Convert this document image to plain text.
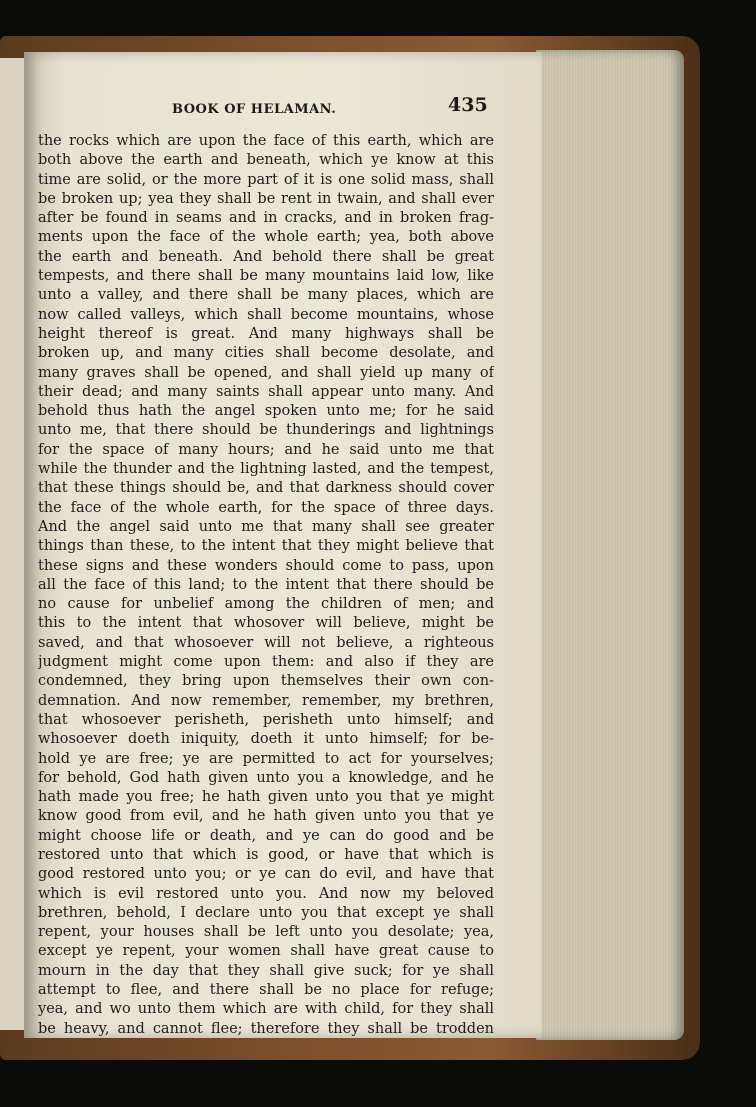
BOOK OF HELAMAN.	435
the rocks which are upon the face of this earth, which are
both above the earth and beneath, which ye know at this
time are solid, or the more part of it is one solid mass, shall
be broken up; yea they shall be rent in twain, and shall ever
after be found in seams and in cracks, and in broken frag-
ments upon the face of the whole earth; yea, both above
the earth and beneath. And behold there shall be great
tempests, and there shall be many mountains laid low, like
unto a valley, and there shall be many places, which are
now called valleys, which shall become mountains, whose
height thereof is great. And many highways shall be
broken up, and many cities shall become desolate, and
many graves shall be opened, and shall yield up many of
their dead; and many saints shall appear unto many. And
behold thus hath the angel spoken unto me; for he said
unto me, that there should be thunderings and lightnings
for the space of many hours; and he said unto me that
while the thunder and the lightning lasted, and the tempest,
that these things should be, and that darkness should cover
the face of the whole earth, for the space of three days.
And the angel said unto me that many shall see greater
things than these, to the intent that they might believe that
these signs and these wonders should come to pass, upon
all the face of this land; to the intent that there should be
no cause for unbelief among the children of men; and
this to the intent that whosover will believe, might be
saved, and that whosoever will not believe, a righteous
judgment might come upon them: and also if they are
condemned, they bring upon themselves their own con-
demnation. And now remember, remember, my brethren,
that whosoever perisheth, perisheth unto himself; and
whosoever doeth iniquity, doeth it unto himself; for be-
hold ye are free; ye are permitted to act for yourselves;
for behold, God hath given unto you a knowledge, and he
hath made you free; he hath given unto you that ye might
know good from evil, and he hath given unto you that ye
might choose life or death, and ye can do good and be
restored unto that which is good, or have that which is
good restored unto you; or ye can do evil, and have that
which is evil restored unto you. And now my beloved
brethren, behold, I declare unto you that except ye shall
repent, your houses shall be left unto you desolate; yea,
except ye repent, your women shall have great cause to
mourn in the day that they shall give suck; for ye shall
attempt to flee, and there shall be no place for refuge;
yea, and wo unto them which are with child, for they shall
be heavy, and cannot flee; therefore they shall be trodden
